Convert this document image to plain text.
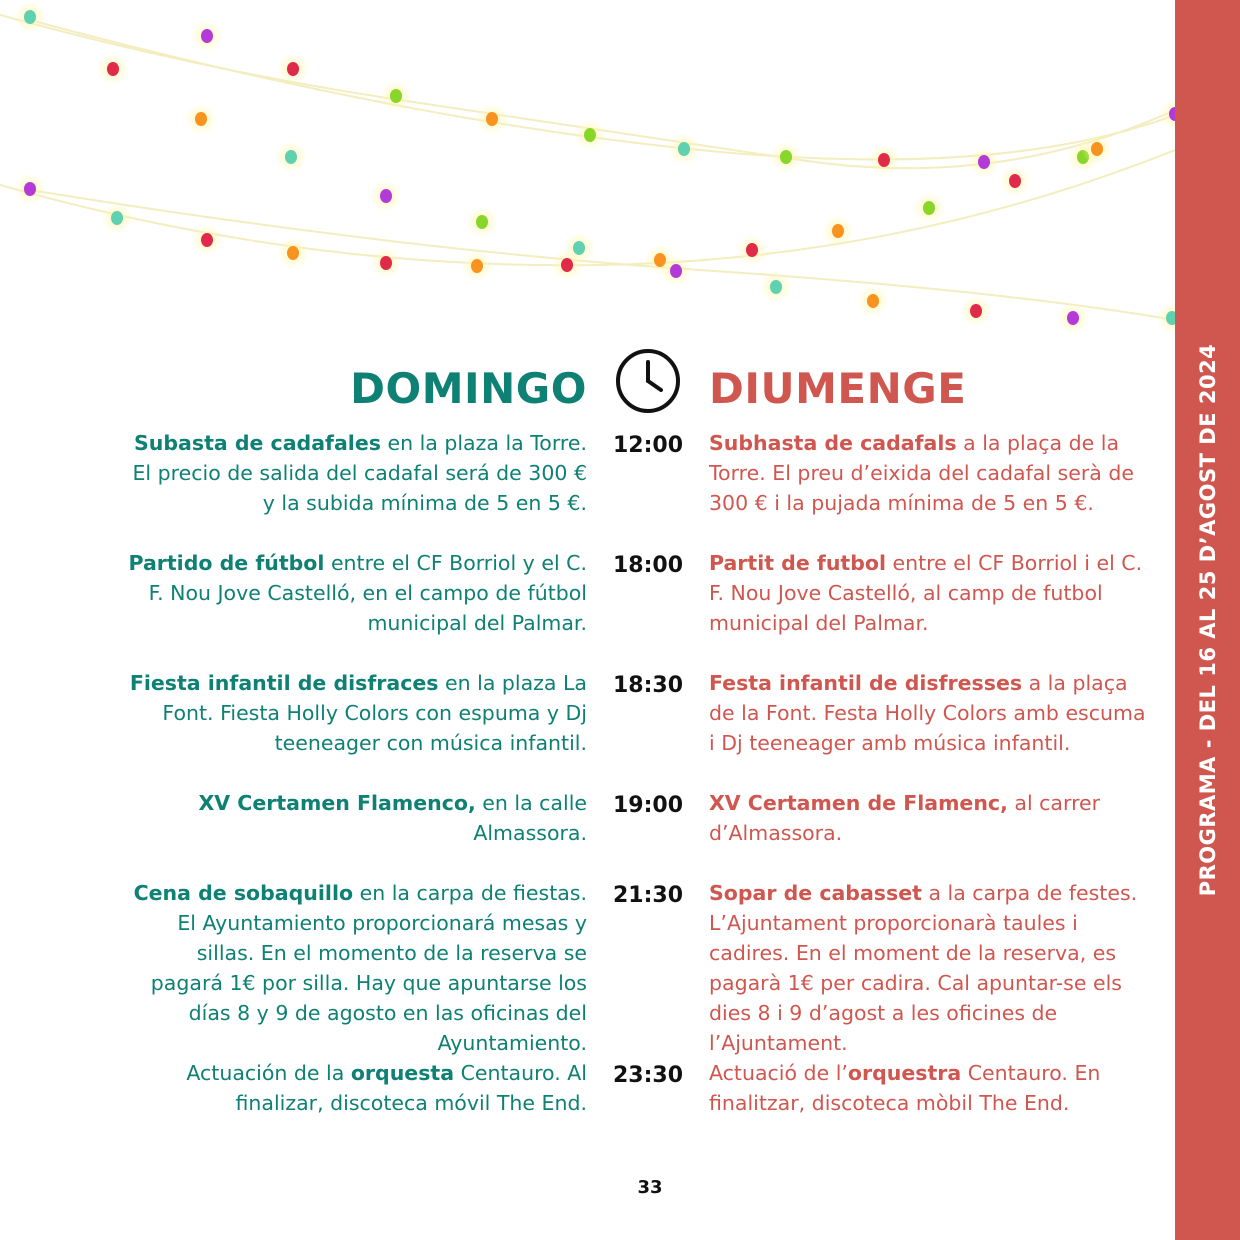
PROGRAMA - DEL 16 AL 25 D’AGOST DE 2024
DOMINGO	DIUMENGE
12:00
Subasta de cadafales en la plaza la Torre. El precio de salida del cadafal será de 300 € y la subida mínima de 5 en 5 €.
Subhasta de cadafals a la plaça de la Torre. El preu d’eixida del cadafal serà de 300 € i la pujada mínima de 5 en 5 €.
18:00
Partido de fútbol entre el CF Borriol y el C. F. Nou Jove Castelló, en el campo de fútbol municipal del Palmar.
Partit de futbol entre el CF Borriol i el C. F. Nou Jove Castelló, al camp de futbol municipal del Palmar.
18:30
Fiesta infantil de disfraces en la plaza La Font. Fiesta Holly Colors con espuma y Dj teeneager con música infantil.
Festa infantil de disfresses a la plaça de la Font. Festa Holly Colors amb escuma i Dj teeneager amb música infantil.
19:00
XV Certamen Flamenco, en la calle Almassora.
XV Certamen de Flamenc, al carrer d’Almassora.
21:30
Cena de sobaquillo en la carpa de fiestas. El Ayuntamiento proporcionará mesas y sillas. En el momento de la reserva se pagará 1€ por silla. Hay que apuntarse los días 8 y 9 de agosto en las oficinas del Ayuntamiento.
Sopar de cabasset a la carpa de festes. L’Ajuntament proporcionarà taules i cadires. En el moment de la reserva, es pagarà 1€ per cadira. Cal apuntar-se els dies 8 i 9 d’agost a les oficines de l’Ajuntament.
23:30
Actuación de la orquesta Centauro. Al finalizar, discoteca móvil The End.
Actuació de l’orquestra Centauro. En finalitzar, discoteca mòbil The End.
33
